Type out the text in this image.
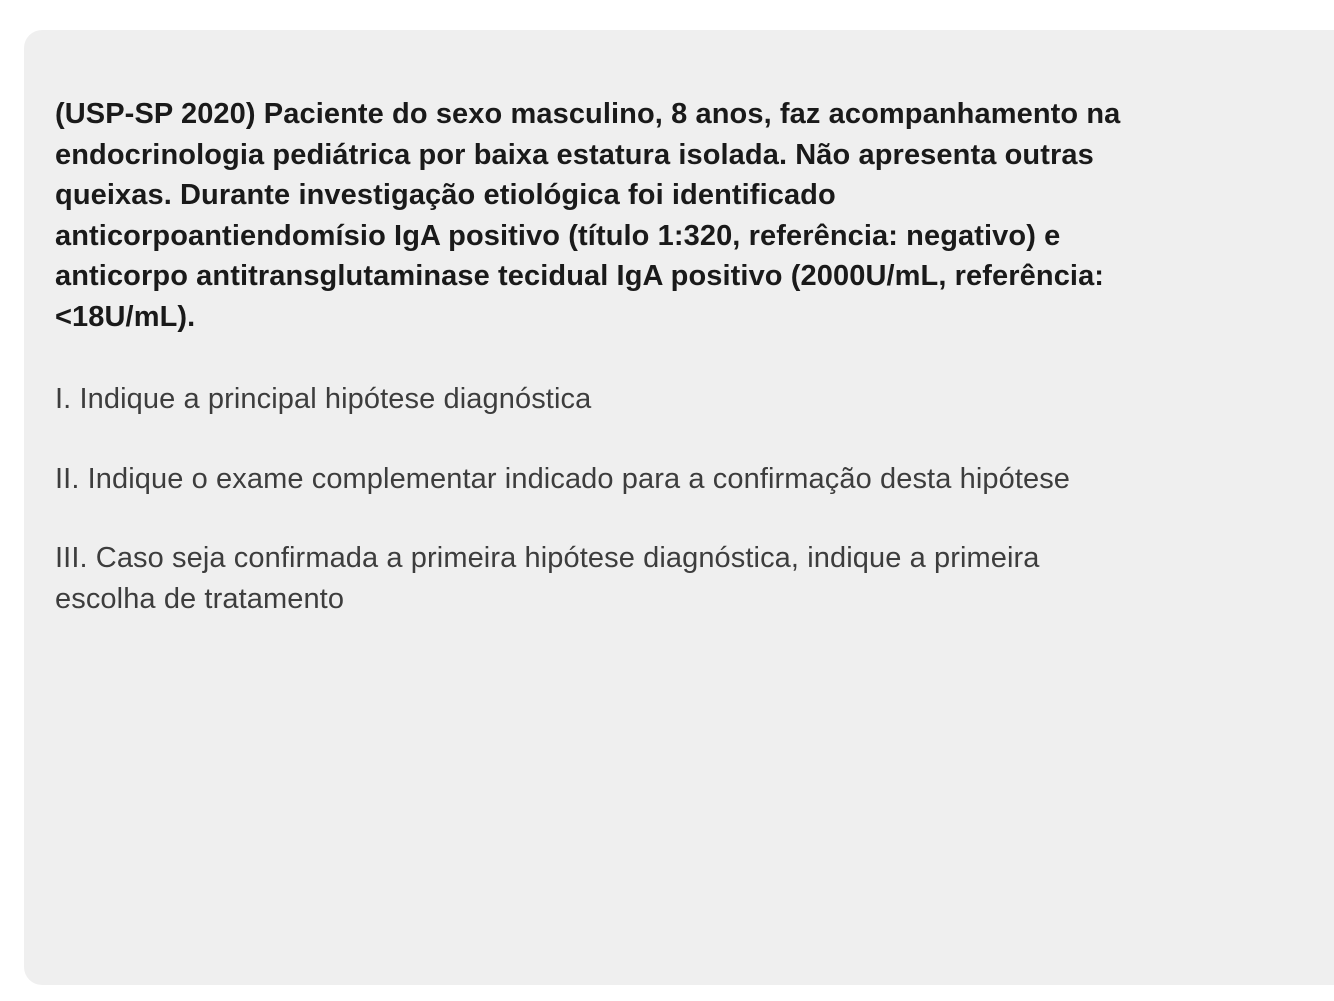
(USP-SP 2020) Paciente do sexo masculino, 8 anos, faz acompanhamento na
endocrinologia pediátrica por baixa estatura isolada. Não apresenta outras
queixas. Durante investigação etiológica foi identificado
anticorpoantiendomísio IgA positivo (título 1:320, referência: negativo) e
anticorpo antitransglutaminase tecidual IgA positivo (2000U/mL, referência:
<18U/mL).

I. Indique a principal hipótese diagnóstica

II. Indique o exame complementar indicado para a confirmação desta hipótese

III. Caso seja confirmada a primeira hipótese diagnóstica, indique a primeira
escolha de tratamento
